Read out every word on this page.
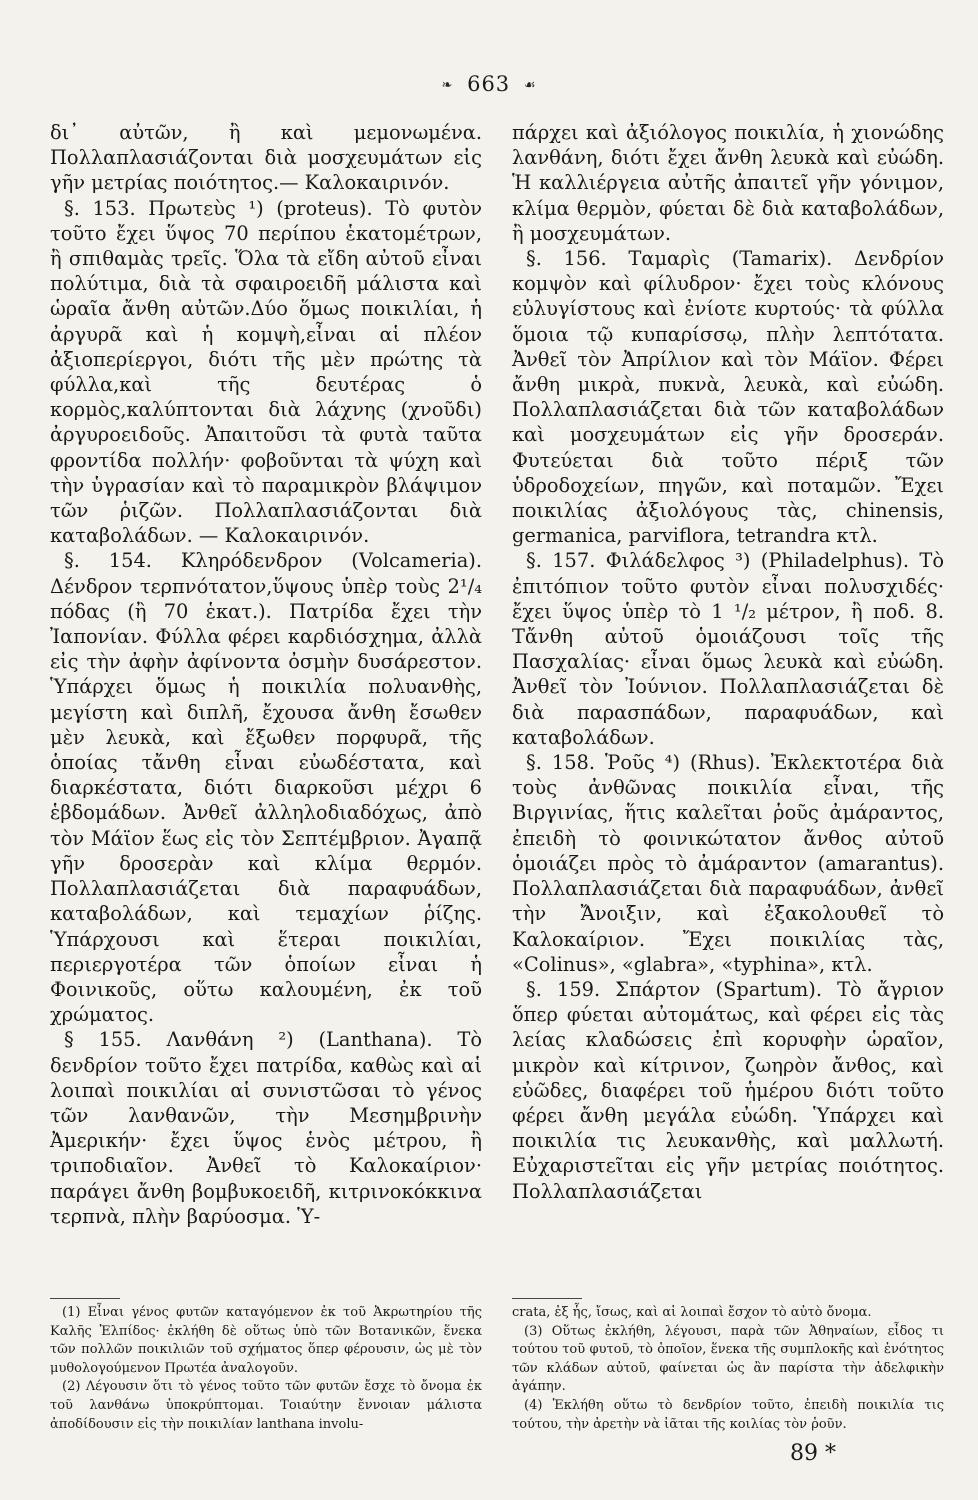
❧ 663 ☙

δι᾽ αὐτῶν, ἢ καὶ μεμονωμένα. Πολλαπλασιάζονται διὰ μοσχευμάτων εἰς γῆν μετρίας ποιότητος.— Καλοκαιρινόν.

§. 153. Πρωτεὺς ¹) (proteus). Τὸ φυτὸν τοῦτο ἔχει ὕψος 70 περίπου ἑκατομέτρων, ἢ σπιθαμὰς τρεῖς. Ὅλα τὰ εἴδη αὐτοῦ εἶναι πολύτιμα, διὰ τὰ σφαιροειδῆ μάλιστα καὶ ὡραῖα ἄνθη αὐτῶν.Δύο ὅμως ποικιλίαι, ἡ ἀργυρᾶ καὶ ἡ κομψὴ,εἶναι αἱ πλέον ἀξιοπερίεργοι, διότι τῆς μὲν πρώτης τὰ φύλλα,καὶ τῆς δευτέρας ὁ κορμὸς,καλύπτονται διὰ λάχνης (χνοῦδι) ἀργυροειδοῦς. Ἀπαιτοῦσι τὰ φυτὰ ταῦτα φροντίδα πολλήν· φοβοῦνται τὰ ψύχη καὶ τὴν ὑγρασίαν καὶ τὸ παραμικρὸν βλάψιμον τῶν ῥιζῶν. Πολλαπλασιάζονται διὰ καταβολάδων. — Καλοκαιρινόν.

§. 154. Κληρόδενδρον (Volcameria). Δένδρον τερπνότατον,ὕψους ὑπὲρ τοὺς 2¹/₄ πόδας (ἢ 70 ἑκατ.). Πατρίδα ἔχει τὴν Ἰαπονίαν. Φύλλα φέρει καρδιόσχημα, ἀλλὰ εἰς τὴν ἀφὴν ἀφίνοντα ὀσμὴν δυσάρεστον. Ὑπάρχει ὅμως ἡ ποικιλία πολυανθὴς, μεγίστη καὶ διπλῆ, ἔχουσα ἄνθη ἔσωθεν μὲν λευκὰ, καὶ ἔξωθεν πορφυρᾶ, τῆς ὁποίας τἄνθη εἶναι εὐωδέστατα, καὶ διαρκέστατα, διότι διαρκοῦσι μέχρι 6 ἑβδομάδων. Ἀνθεῖ ἀλληλοδιαδόχως, ἀπὸ τὸν Μάϊον ἕως εἰς τὸν Σεπτέμβριον. Ἀγαπᾷ γῆν δροσερὰν καὶ κλίμα θερμόν. Πολλαπλασιάζεται διὰ παραφυάδων, καταβολάδων, καὶ τεμαχίων ῥίζης. Ὑπάρχουσι καὶ ἕτεραι ποικιλίαι, περιεργοτέρα τῶν ὁποίων εἶναι ἡ Φοινικοῦς, οὕτω καλουμένη, ἐκ τοῦ χρώματος.

§ 155. Λανθάνη ²) (Lanthana). Τὸ δενδρίον τοῦτο ἔχει πατρίδα, καθὼς καὶ αἱ λοιπαὶ ποικιλίαι αἱ συνιστῶσαι τὸ γένος τῶν λανθανῶν, τὴν Μεσημβρινὴν Ἀμερικήν· ἔχει ὕψος ἑνὸς μέτρου, ἢ τριποδιαῖον. Ἀνθεῖ τὸ Καλοκαίριον· παράγει ἄνθη βομβυκοειδῆ, κιτρινοκόκκινα τερπνὰ, πλὴν βαρύοσμα. Ὑ-

πάρχει καὶ ἀξιόλογος ποικιλία, ἡ χιονώδης λανθάνη, διότι ἔχει ἄνθη λευκὰ καὶ εὐώδη. Ἡ καλλιέργεια αὐτῆς ἀπαιτεῖ γῆν γόνιμον, κλίμα θερμὸν, φύεται δὲ διὰ καταβολάδων, ἢ μοσχευμάτων.

§. 156. Ταμαρὶς (Tamarix). Δενδρίον κομψὸν καὶ φίλυδρον· ἔχει τοὺς κλόνους εὐλυγίστους καὶ ἐνίοτε κυρτούς· τὰ φύλλα ὅμοια τῷ κυπαρίσσῳ, πλὴν λεπτότατα. Ἀνθεῖ τὸν Ἀπρίλιον καὶ τὸν Μάϊον. Φέρει ἄνθη μικρὰ, πυκνὰ, λευκὰ, καὶ εὐώδη. Πολλαπλασιάζεται διὰ τῶν καταβολάδων καὶ μοσχευμάτων εἰς γῆν δροσεράν. Φυτεύεται διὰ τοῦτο πέριξ τῶν ὑδροδοχείων, πηγῶν, καὶ ποταμῶν. Ἔχει ποικιλίας ἀξιολόγους τὰς, chinensis, germanica, parviflora, tetrandra κτλ.

§. 157. Φιλάδελφος ³) (Philadelphus). Τὸ ἐπιτόπιον τοῦτο φυτὸν εἶναι πολυσχιδές· ἔχει ὕψος ὑπὲρ τὸ 1 ¹/₂ μέτρον, ἢ ποδ. 8. Τἄνθη αὐτοῦ ὁμοιάζουσι τοῖς τῆς Πασχαλίας· εἶναι ὅμως λευκὰ καὶ εὐώδη. Ἀνθεῖ τὸν Ἰούνιον. Πολλαπλασιάζεται δὲ διὰ παρασπάδων, παραφυάδων, καὶ καταβολάδων.

§. 158. Ῥοῦς ⁴) (Rhus). Ἐκλεκτοτέρα διὰ τοὺς ἀνθῶνας ποικιλία εἶναι, τῆς Βιργινίας, ἥτις καλεῖται ῥοῦς ἀμάραντος, ἐπειδὴ τὸ φοινικώτατον ἄνθος αὐτοῦ ὁμοιάζει πρὸς τὸ ἀμάραντον (amarantus). Πολλαπλασιάζεται διὰ παραφυάδων, ἀνθεῖ τὴν Ἄνοιξιν, καὶ ἐξακολουθεῖ τὸ Καλοκαίριον. Ἔχει ποικιλίας τὰς, «Colinus», «glabra», «typhina», κτλ.

§. 159. Σπάρτον (Spartum). Τὸ ἄγριον ὅπερ φύεται αὐτομάτως, καὶ φέρει εἰς τὰς λείας κλαδώσεις ἐπὶ κορυφὴν ὡραῖον, μικρὸν καὶ κίτρινον, ζωηρὸν ἄνθος, καὶ εὐῶδες, διαφέρει τοῦ ἡμέρου διότι τοῦτο φέρει ἄνθη μεγάλα εὐώδη. Ὑπάρχει καὶ ποικιλία τις λευκανθὴς, καὶ μαλλωτή. Εὐχαριστεῖται εἰς γῆν μετρίας ποιότητος. Πολλαπλασιάζεται

(1) Εἶναι γένος φυτῶν καταγόμενον ἐκ τοῦ Ἀκρωτηρίου τῆς Καλῆς Ἐλπίδος· ἐκλήθη δὲ οὕτως ὑπὸ τῶν Βοτανικῶν, ἕνεκα τῶν πολλῶν ποικιλιῶν τοῦ σχήματος ὅπερ φέρουσιν, ὡς μὲ τὸν μυθολογούμενον Πρωτέα ἀναλογοῦν.

(2) Λέγουσιν ὅτι τὸ γένος τοῦτο τῶν φυτῶν ἔσχε τὸ ὄνομα ἐκ τοῦ λανθάνω ὑποκρύπτομαι. Τοιαύτην ἔννοιαν μάλιστα ἀποδίδουσιν εἰς τὴν ποικιλίαν lanthana involu-

crata, ἐξ ἧς, ἴσως, καὶ αἱ λοιπαὶ ἔσχον τὸ αὐτὸ ὄνομα.

(3) Οὕτως ἐκλήθη, λέγουσι, παρὰ τῶν Ἀθηναίων, εἶδος τι τούτου τοῦ φυτοῦ, τὸ ὁποῖον, ἕνεκα τῆς συμπλοκῆς καὶ ἑνότητος τῶν κλάδων αὐτοῦ, φαίνεται ὡς ἂν παρίστα τὴν ἀδελφικὴν ἀγάπην.

(4) Ἐκλήθη οὕτω τὸ δενδρίον τοῦτο, ἐπειδὴ ποικιλία τις τούτου, τὴν ἀρετὴν νὰ ἰᾶται τῆς κοιλίας τὸν ῥοῦν.

89 *
